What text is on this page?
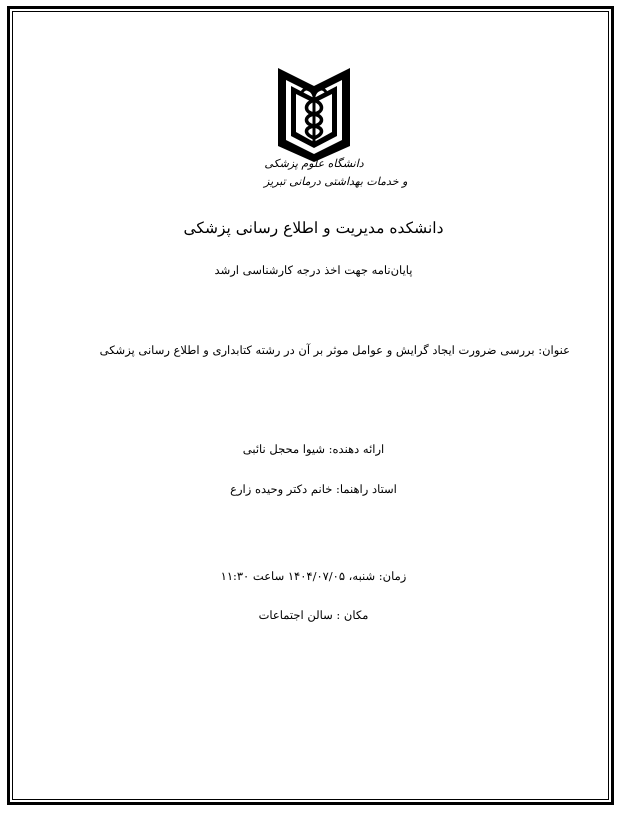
دانشگاه علوم پزشکی
و خدمات بهداشتی درمانی تبریز
دانشکده مدیریت و اطلاع رسانی پزشکی
پایان‌نامه جهت اخذ درجه کارشناسی ارشد
عنوان: بررسی ضرورت ایجاد گرایش و عوامل موثر بر آن در رشته کتابداری و اطلاع رسانی پزشکی
ارائه دهنده: شیوا محجل نائبی
استاد راهنما: خانم دکتر وحیده زارع
زمان: شنبه، ۱۴۰۴/۰۷/۰۵ ساعت ۱۱:۳۰
مکان : سالن اجتماعات
